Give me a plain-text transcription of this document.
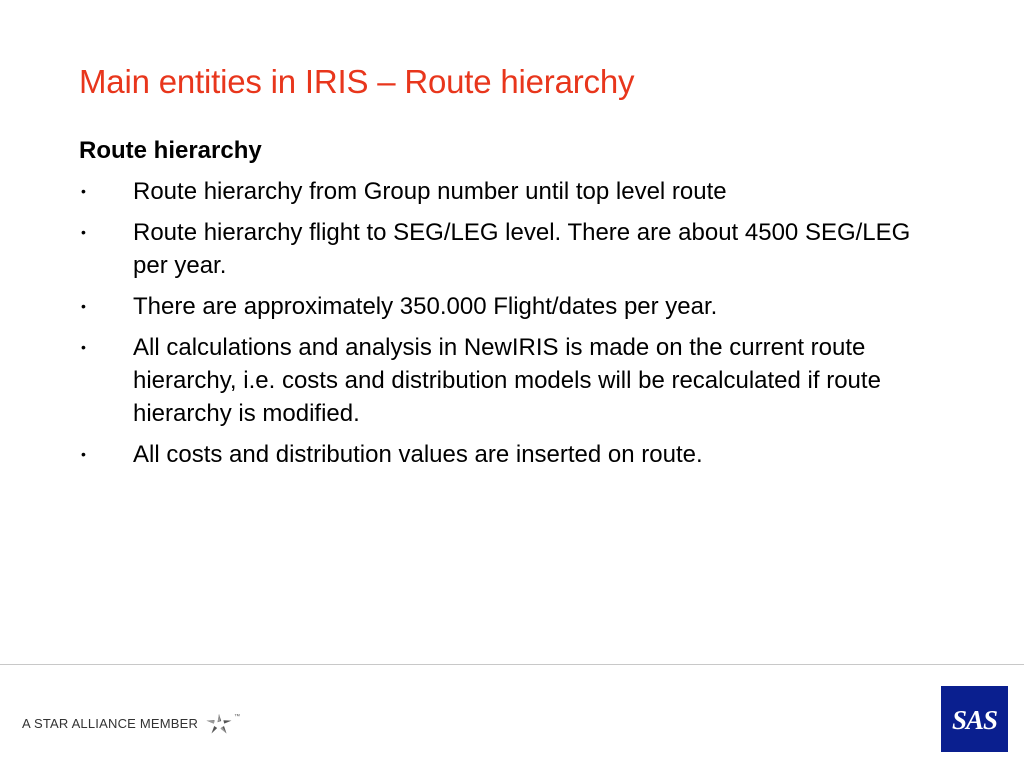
Main entities in IRIS – Route hierarchy
Route hierarchy
• Route hierarchy from Group number until top level route
• Route hierarchy flight to SEG/LEG level. There are about 4500 SEG/LEG per year.
• There are approximately 350.000 Flight/dates per year.
• All calculations and analysis in NewIRIS is made on the current route hierarchy, i.e. costs and distribution models will be recalculated if route hierarchy is modified.
• All costs and distribution values are inserted on route.
A STAR ALLIANCE MEMBER	™	SAS
